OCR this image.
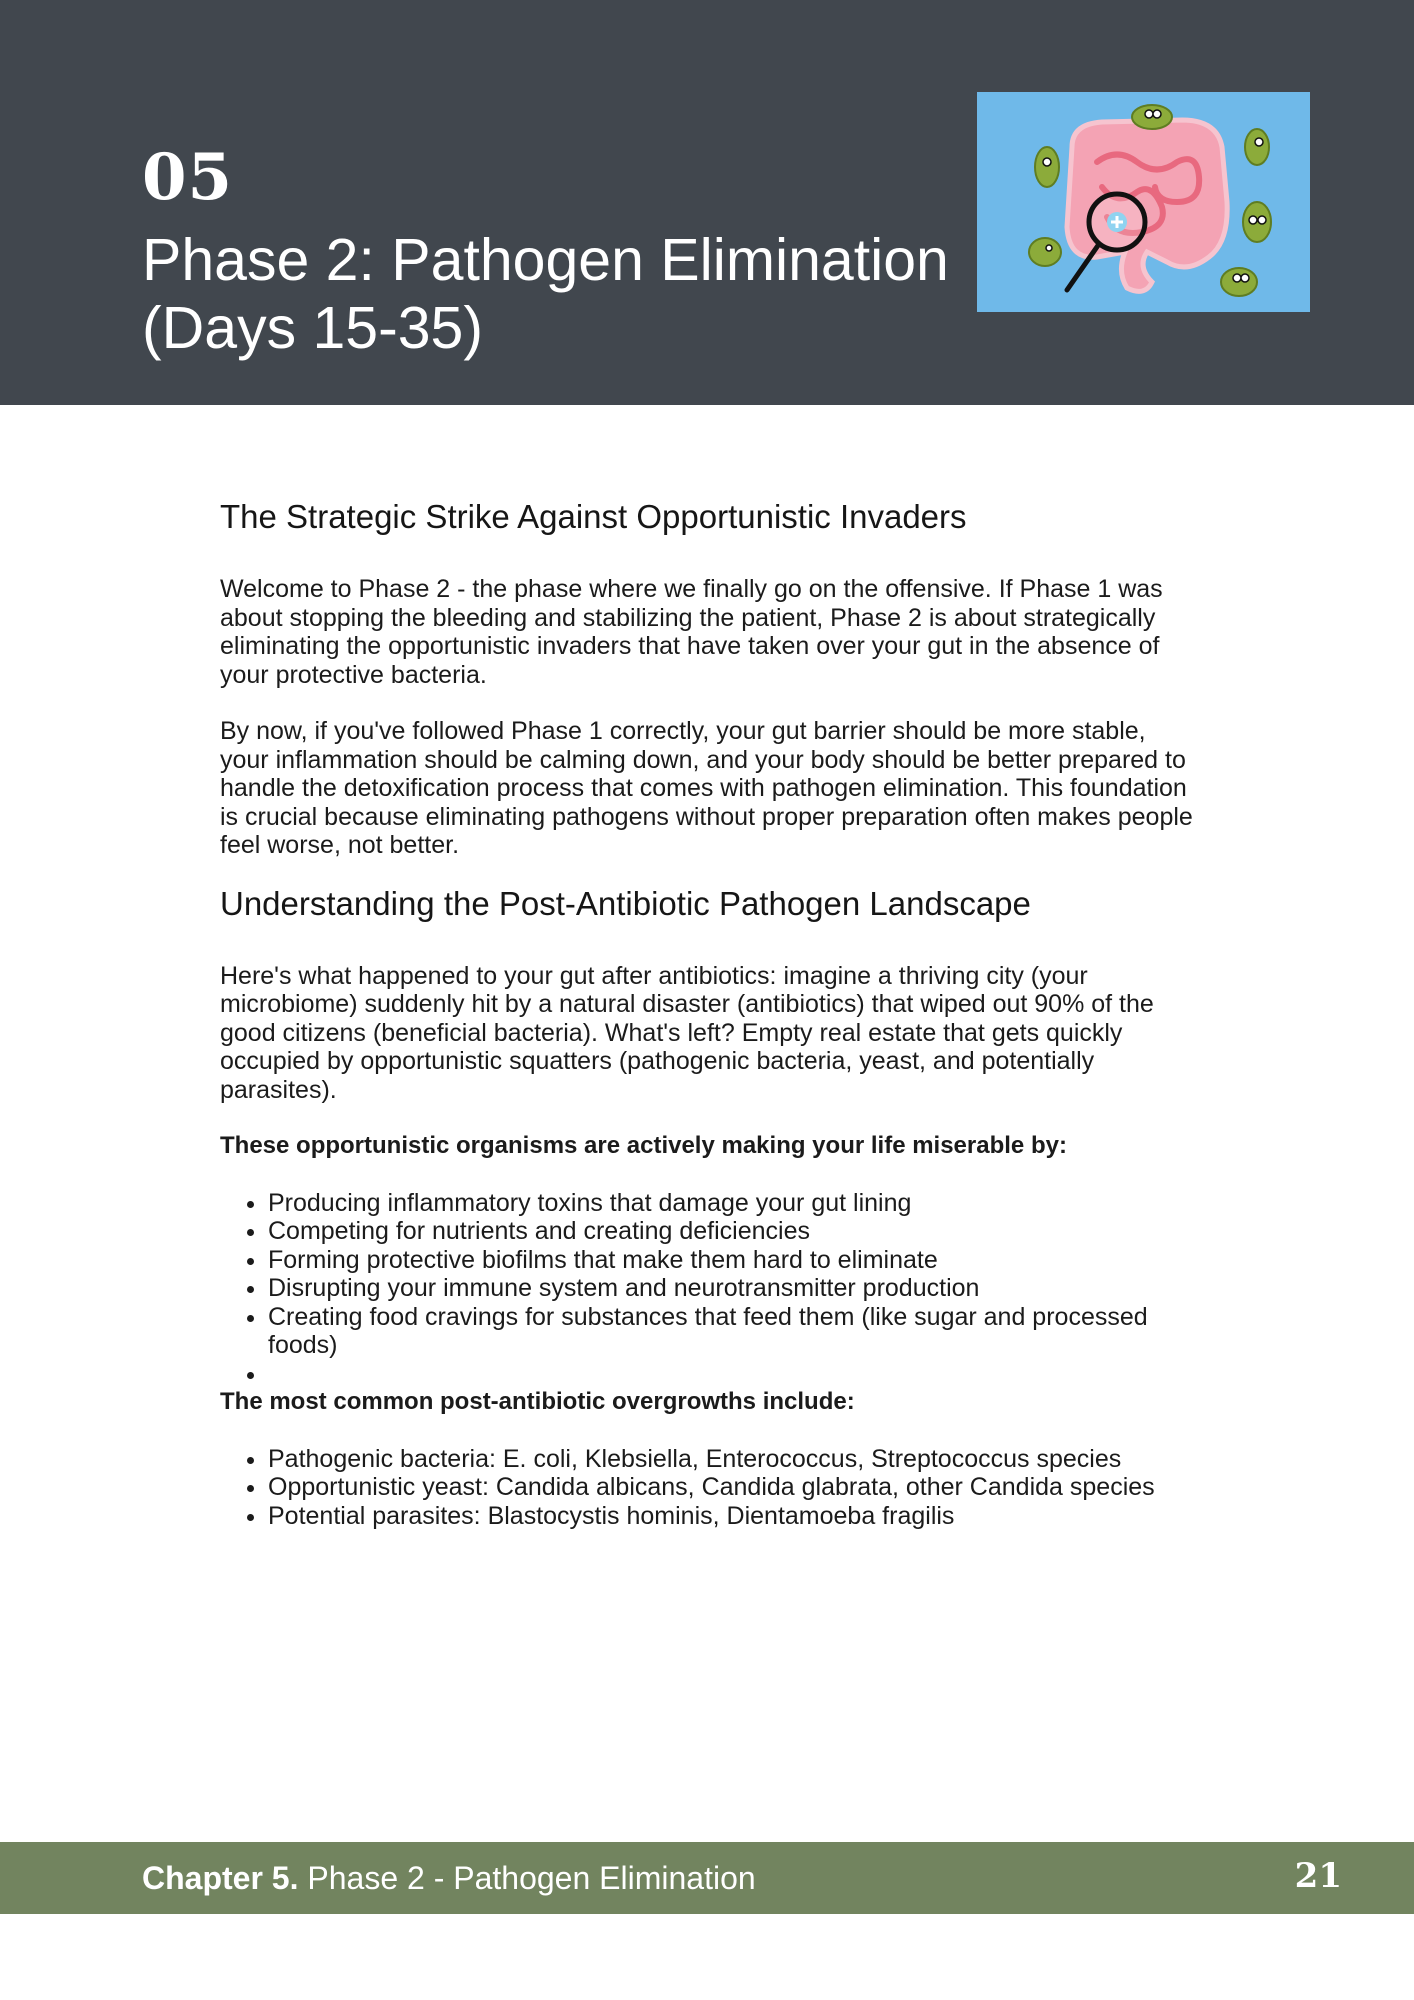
05
Phase 2: Pathogen Elimination (Days 15-35)
The Strategic Strike Against Opportunistic Invaders

Welcome to Phase 2 - the phase where we finally go on the offensive. If Phase 1 was about stopping the bleeding and stabilizing the patient, Phase 2 is about strategically eliminating the opportunistic invaders that have taken over your gut in the absence of your protective bacteria.

By now, if you've followed Phase 1 correctly, your gut barrier should be more stable, your inflammation should be calming down, and your body should be better prepared to handle the detoxification process that comes with pathogen elimination. This foundation is crucial because eliminating pathogens without proper preparation often makes people feel worse, not better.

Understanding the Post-Antibiotic Pathogen Landscape

Here's what happened to your gut after antibiotics: imagine a thriving city (your microbiome) suddenly hit by a natural disaster (antibiotics) that wiped out 90% of the good citizens (beneficial bacteria). What's left? Empty real estate that gets quickly occupied by opportunistic squatters (pathogenic bacteria, yeast, and potentially parasites).

These opportunistic organisms are actively making your life miserable by:

• Producing inflammatory toxins that damage your gut lining
• Competing for nutrients and creating deficiencies
• Forming protective biofilms that make them hard to eliminate
• Disrupting your immune system and neurotransmitter production
• Creating food cravings for substances that feed them (like sugar and processed foods)
•

The most common post-antibiotic overgrowths include:

• Pathogenic bacteria: E. coli, Klebsiella, Enterococcus, Streptococcus species
• Opportunistic yeast: Candida albicans, Candida glabrata, other Candida species
• Potential parasites: Blastocystis hominis, Dientamoeba fragilis
Chapter 5. Phase 2 - Pathogen Elimination	21
